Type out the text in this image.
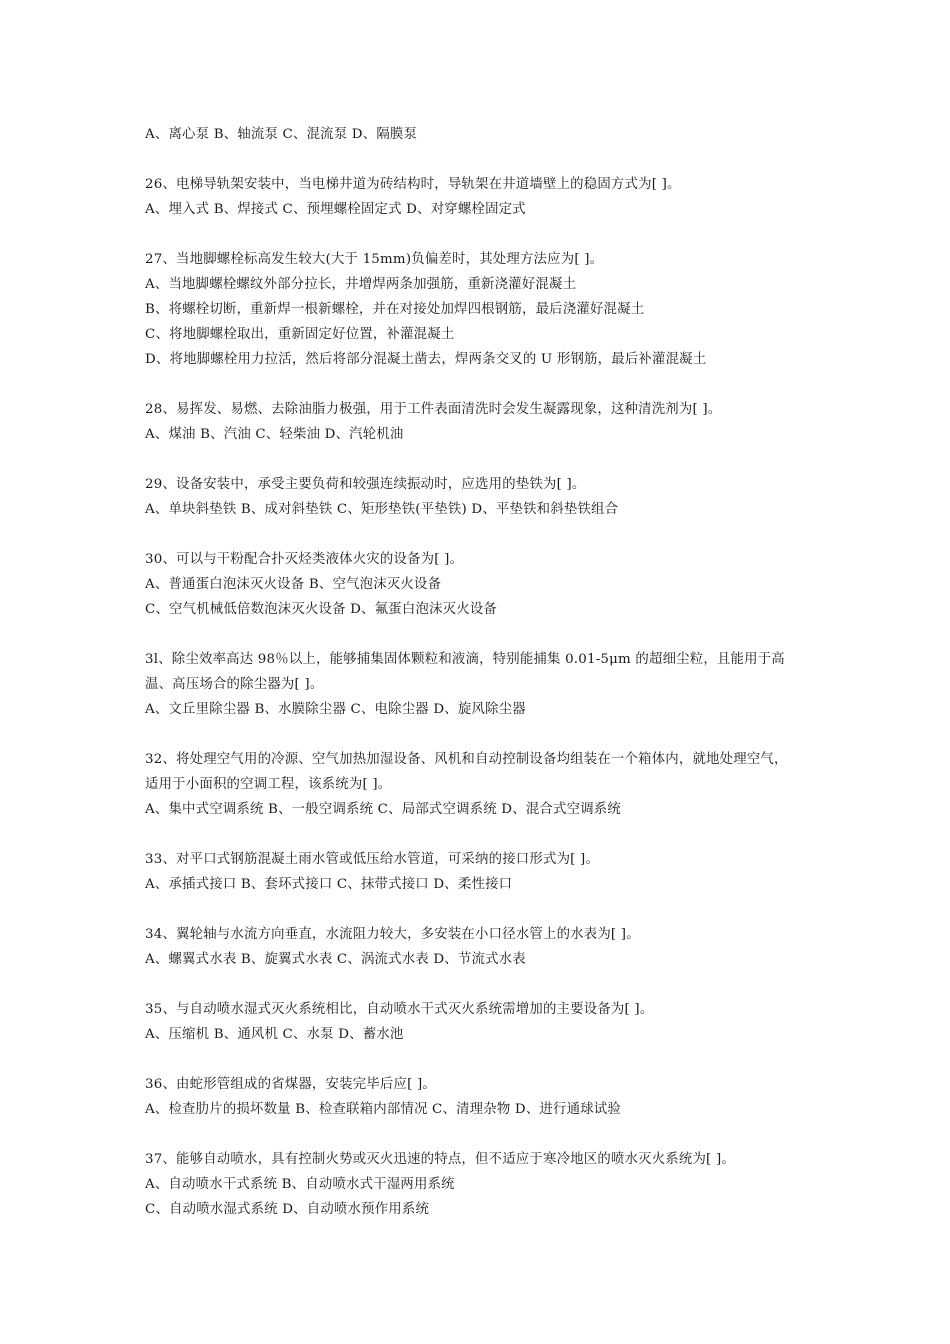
A、离心泵 B、轴流泵 C、混流泵 D、隔膜泵
26、电梯导轨架安装中，当电梯井道为砖结构时，导轨架在井道墙壁上的稳固方式为[ ]。
A、埋入式 B、焊接式 C、预埋螺栓固定式 D、对穿螺栓固定式
27、当地脚螺栓标高发生较大(大于 15mm)负偏差时，其处理方法应为[ ]。
A、当地脚螺栓螺纹外部分拉长，井增焊两条加强筋，重新浇灌好混凝土
B、将螺栓切断，重新焊一根新螺栓，并在对接处加焊四根钢筋，最后浇灌好混凝土
C、将地脚螺栓取出，重新固定好位置，补灌混凝土
D、将地脚螺栓用力拉活，然后将部分混凝土凿去，焊两条交叉的 U 形钢筋，最后补灌混凝土
28、易挥发、易燃、去除油脂力极强，用于工件表面清洗时会发生凝露现象，这种清洗剂为[ ]。
A、煤油 B、汽油 C、轻柴油 D、汽轮机油
29、设备安装中，承受主要负荷和较强连续振动时，应选用的垫铁为[ ]。
A、单块斜垫铁 B、成对斜垫铁 C、矩形垫铁(平垫铁) D、平垫铁和斜垫铁组合
30、可以与干粉配合扑灭烃类液体火灾的设备为[ ]。
A、普通蛋白泡沫灭火设备 B、空气泡沫灭火设备
C、空气机械低倍数泡沫灭火设备 D、氟蛋白泡沫灭火设备
3l、除尘效率高达 98％以上，能够捕集固体颗粒和液滴，特别能捕集 0.01-5μm 的超细尘粒，且能用于高
温、高压场合的除尘器为[ ]。
A、文丘里除尘器 B、水膜除尘器 C、电除尘器 D、旋风除尘器
32、将处理空气用的冷源、空气加热加湿设备、风机和自动控制设备均组装在一个箱体内，就地处理空气，
适用于小面积的空调工程，该系统为[ ]。
A、集中式空调系统 B、一般空调系统 C、局部式空调系统 D、混合式空调系统
33、对平口式钢筋混凝土雨水管或低压给水管道，可采纳的接口形式为[ ]。
A、承插式接口 B、套环式接口 C、抹带式接口 D、柔性接口
34、翼轮轴与水流方向垂直，水流阻力较大，多安装在小口径水管上的水表为[ ]。
A、螺翼式水表 B、旋翼式水表 C、涡流式水表 D、节流式水表
35、与自动喷水湿式灭火系统相比，自动喷水干式灭火系统需增加的主要设备为[ ]。
A、压缩机 B、通风机 C、水泵 D、蓄水池
36、由蛇形管组成的省煤器，安装完毕后应[ ]。
A、检查肋片的损坏数量 B、检查联箱内部情况 C、清理杂物 D、进行通球试验
37、能够自动喷水，具有控制火势或灭火迅速的特点，但不适应于寒冷地区的喷水灭火系统为[ ]。
A、自动喷水干式系统 B、自动喷水式干湿两用系统
C、自动喷水湿式系统 D、自动喷水预作用系统
